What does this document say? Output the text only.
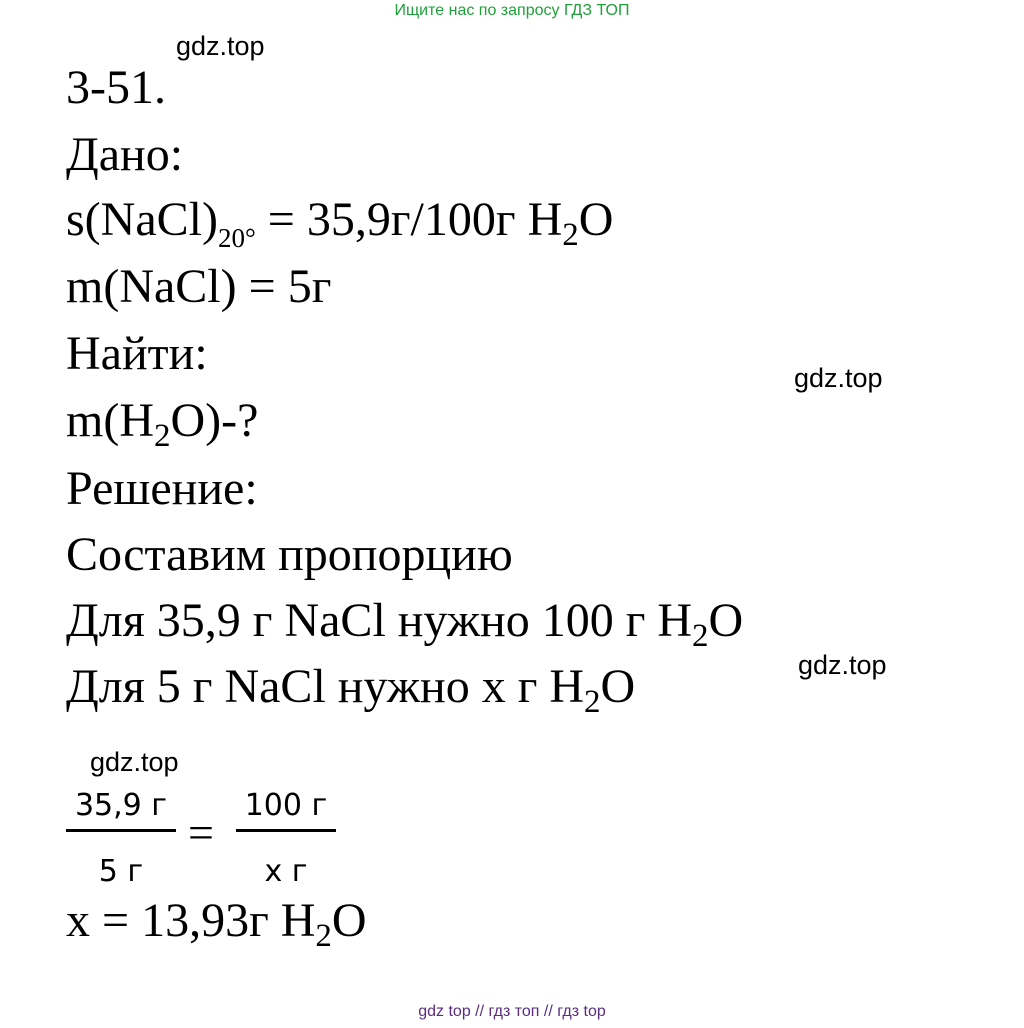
Ищите нас по запросу ГДЗ ТОП
gdz.top
gdz.top
gdz.top
gdz.top
3-51.
Дано:
$s(NaCl)_{20^\circ} = 35,9г/100г$ $H_2O$
m(NaCl) = 5г
Найти:
$m(H_2O)-$?
Решение:
Составим пропорцию
Для 35,9 г NaCl нужно 100 г $H_2O$
Для 5 г NaCl нужно x г $H_2O$
35,9 г
5 г
=
100 г
x г
x = 13,93г $H_2O$
gdz top // гдз топ // гдз top
